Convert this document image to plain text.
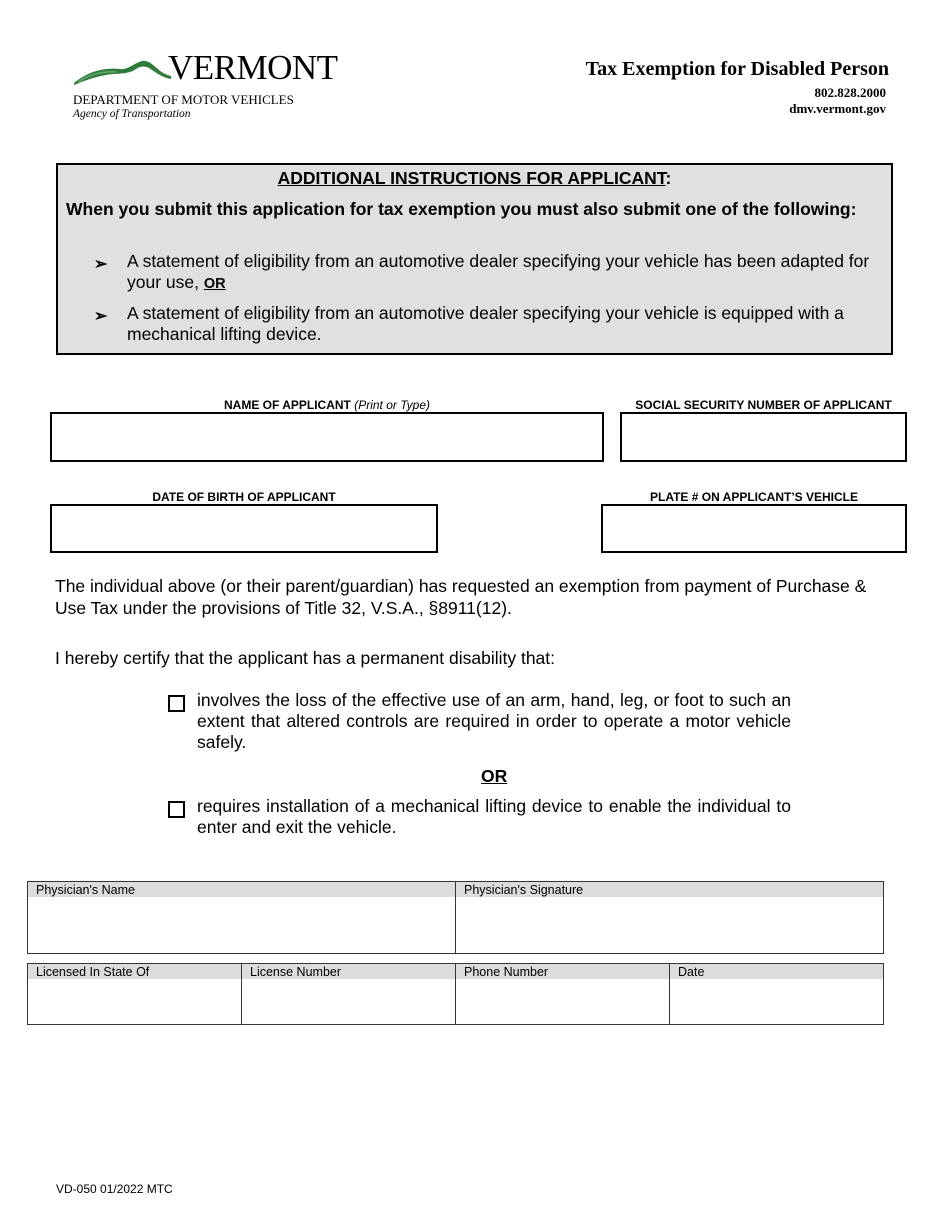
VERMONT
DEPARTMENT OF MOTOR VEHICLES
Agency of Transportation
Tax Exemption for Disabled Person
802.828.2000
dmv.vermont.gov
ADDITIONAL INSTRUCTIONS FOR APPLICANT:
When you submit this application for tax exemption you must also submit one of the following:
➢ A statement of eligibility from an automotive dealer specifying your vehicle has been adapted for your use, OR
➢ A statement of eligibility from an automotive dealer specifying your vehicle is equipped with a mechanical lifting device.
NAME OF APPLICANT (Print or Type)	SOCIAL SECURITY NUMBER OF APPLICANT
DATE OF BIRTH OF APPLICANT	PLATE # ON APPLICANT’S VEHICLE
The individual above (or their parent/guardian) has requested an exemption from payment of Purchase & Use Tax under the provisions of Title 32, V.S.A., §8911(12).
I hereby certify that the applicant has a permanent disability that:
involves the loss of the effective use of an arm, hand, leg, or foot to such an extent that altered controls are required in order to operate a motor vehicle safely.
OR
requires installation of a mechanical lifting device to enable the individual to enter and exit the vehicle.
Physician's Name	Physician's Signature
Licensed In State Of	License Number	Phone Number	Date
VD-050 01/2022 MTC
